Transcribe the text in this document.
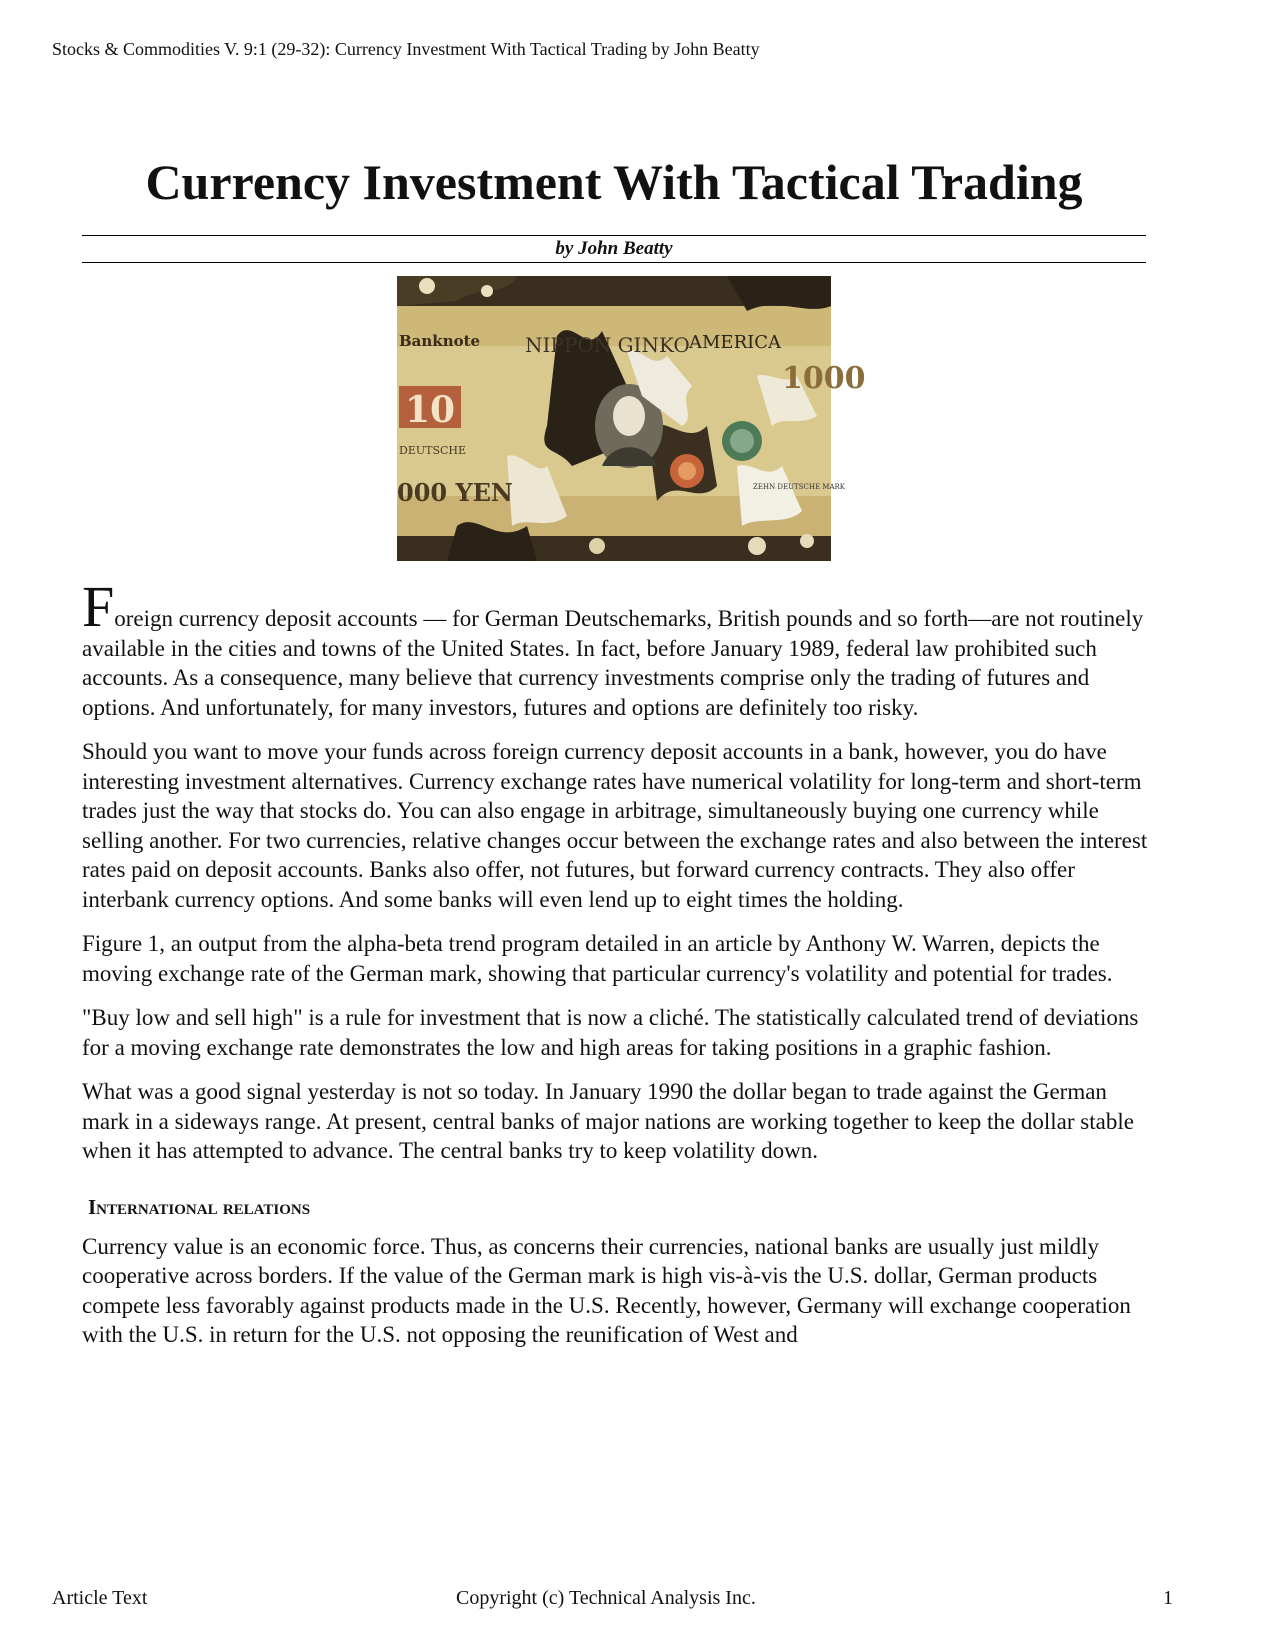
Stocks & Commodities V. 9:1 (29-32): Currency Investment With Tactical Trading by John Beatty
Currency Investment With Tactical Trading
by John Beatty
10
NIPPON GINKO AMERICA
Banknote
1000
000 YEN
DEUTSCHE
ZEHN DEUTSCHE MARK

Foreign currency deposit accounts — for German Deutschemarks, British pounds and so forth—are not routinely available in the cities and towns of the United States. In fact, before January 1989, federal law prohibited such accounts. As a consequence, many believe that currency investments comprise only the trading of futures and options. And unfortunately, for many investors, futures and options are definitely too risky.

Should you want to move your funds across foreign currency deposit accounts in a bank, however, you do have interesting investment alternatives. Currency exchange rates have numerical volatility for long-term and short-term trades just the way that stocks do. You can also engage in arbitrage, simultaneously buying one currency while selling another. For two currencies, relative changes occur between the exchange rates and also between the interest rates paid on deposit accounts. Banks also offer, not futures, but forward currency contracts. They also offer interbank currency options. And some banks will even lend up to eight times the holding.

Figure 1, an output from the alpha-beta trend program detailed in an article by Anthony W. Warren, depicts the moving exchange rate of the German mark, showing that particular currency's volatility and potential for trades.

"Buy low and sell high" is a rule for investment that is now a cliché. The statistically calculated trend of deviations for a moving exchange rate demonstrates the low and high areas for taking positions in a graphic fashion.

What was a good signal yesterday is not so today. In January 1990 the dollar began to trade against the German mark in a sideways range. At present, central banks of major nations are working together to keep the dollar stable when it has attempted to advance. The central banks try to keep volatility down.

International relations

Currency value is an economic force. Thus, as concerns their currencies, national banks are usually just mildly cooperative across borders. If the value of the German mark is high vis-à-vis the U.S. dollar, German products compete less favorably against products made in the U.S. Recently, however, Germany will exchange cooperation with the U.S. in return for the U.S. not opposing the reunification of West and

Article Text	Copyright (c) Technical Analysis Inc.	1
